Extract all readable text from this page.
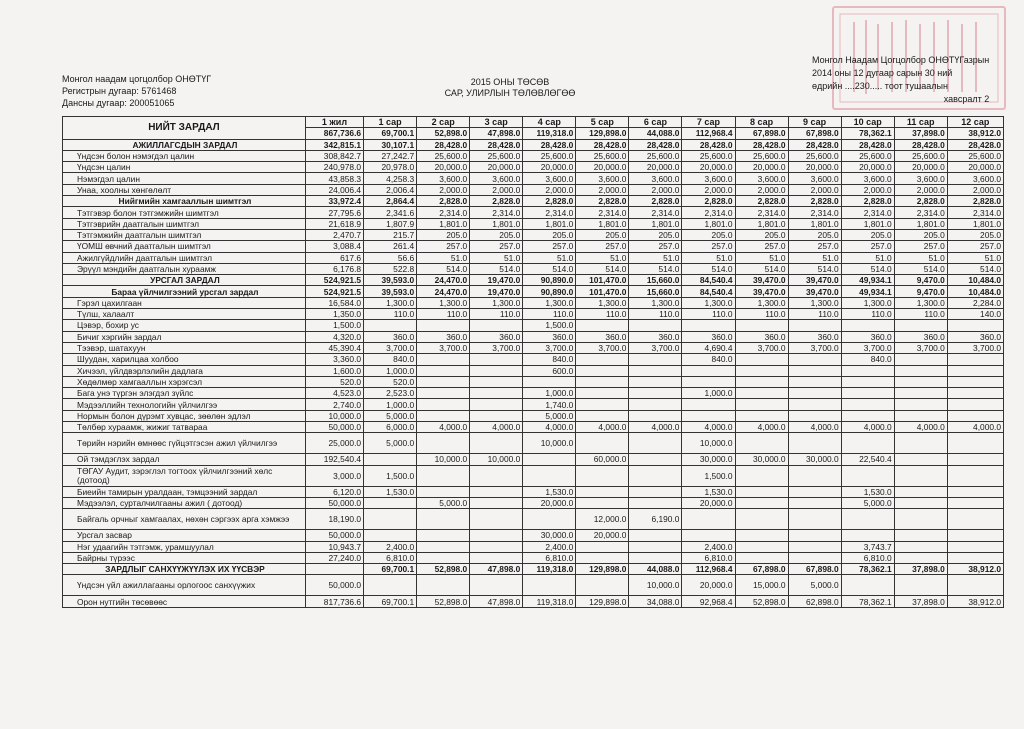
Монгол наадам цогцолбор ОНӨТҮГ
Регистрын дугаар: 5761468
Дансны дугаар: 200051065
2015 ОНЫ ТӨСӨВ
САР, УЛИРЛЫН ТӨЛӨВЛӨГӨӨ
Монгол Наадам Цогцолбор ОНӨТҮГазрын
2014 оны 12 дугаар сарын 30 ний
өдрийн ....230..... тоот тушаалын
хавсралт 2
НИЙТ ЗАРДАЛ	1 жил	1 сар	2 сар	3 сар	4 сар	5 сар	6 сар	7 сар	8 сар	9 сар	10 сар	11 сар	12 сар
	867,736.6	69,700.1	52,898.0	47,898.0	119,318.0	129,898.0	44,088.0	112,968.4	67,898.0	67,898.0	78,362.1	37,898.0	38,912.0
АЖИЛЛАГСДЫН ЗАРДАЛ	342,815.1	30,107.1	28,428.0	28,428.0	28,428.0	28,428.0	28,428.0	28,428.0	28,428.0	28,428.0	28,428.0	28,428.0	28,428.0
Үндсэн болон нэмэгдэл цалин	308,842.7	27,242.7	25,600.0	25,600.0	25,600.0	25,600.0	25,600.0	25,600.0	25,600.0	25,600.0	25,600.0	25,600.0	25,600.0
Үндсэн цалин	240,978.0	20,978.0	20,000.0	20,000.0	20,000.0	20,000.0	20,000.0	20,000.0	20,000.0	20,000.0	20,000.0	20,000.0	20,000.0
Нэмэгдэл цалин	43,858.3	4,258.3	3,600.0	3,600.0	3,600.0	3,600.0	3,600.0	3,600.0	3,600.0	3,600.0	3,600.0	3,600.0	3,600.0
Унаа, хоолны хөнгөлөлт	24,006.4	2,006.4	2,000.0	2,000.0	2,000.0	2,000.0	2,000.0	2,000.0	2,000.0	2,000.0	2,000.0	2,000.0	2,000.0
Нийгмийн хамгааллын шимтгэл	33,972.4	2,864.4	2,828.0	2,828.0	2,828.0	2,828.0	2,828.0	2,828.0	2,828.0	2,828.0	2,828.0	2,828.0	2,828.0
Тэтгэвэр болон тэтгэмжийн шимтгэл	27,795.6	2,341.6	2,314.0	2,314.0	2,314.0	2,314.0	2,314.0	2,314.0	2,314.0	2,314.0	2,314.0	2,314.0	2,314.0
Тэтгэврийн даатгалын шимтгэл	21,618.9	1,807.9	1,801.0	1,801.0	1,801.0	1,801.0	1,801.0	1,801.0	1,801.0	1,801.0	1,801.0	1,801.0	1,801.0
Тэтгэмжийн даатгалын шимтгэл	2,470.7	215.7	205.0	205.0	205.0	205.0	205.0	205.0	205.0	205.0	205.0	205.0	205.0
ҮОМШ өвчний даатгалын шимтгэл	3,088.4	261.4	257.0	257.0	257.0	257.0	257.0	257.0	257.0	257.0	257.0	257.0	257.0
Ажилгүйдлийн даатгалын шимтгэл	617.6	56.6	51.0	51.0	51.0	51.0	51.0	51.0	51.0	51.0	51.0	51.0	51.0
Эрүүл мэндийн даатгалын хураамж	6,176.8	522.8	514.0	514.0	514.0	514.0	514.0	514.0	514.0	514.0	514.0	514.0	514.0
УРСГАЛ ЗАРДАЛ	524,921.5	39,593.0	24,470.0	19,470.0	90,890.0	101,470.0	15,660.0	84,540.4	39,470.0	39,470.0	49,934.1	9,470.0	10,484.0
Бараа үйлчилгээний урсгал зардал	524,921.5	39,593.0	24,470.0	19,470.0	90,890.0	101,470.0	15,660.0	84,540.4	39,470.0	39,470.0	49,934.1	9,470.0	10,484.0
Гэрэл цахилгаан	16,584.0	1,300.0	1,300.0	1,300.0	1,300.0	1,300.0	1,300.0	1,300.0	1,300.0	1,300.0	1,300.0	1,300.0	2,284.0
Түлш, халаалт	1,350.0	110.0	110.0	110.0	110.0	110.0	110.0	110.0	110.0	110.0	110.0	110.0	140.0
Цэвэр, бохир ус	1,500.0				1,500.0								
Бичиг хэргийн зардал	4,320.0	360.0	360.0	360.0	360.0	360.0	360.0	360.0	360.0	360.0	360.0	360.0	360.0
Тээвэр, шатахуун	45,390.4	3,700.0	3,700.0	3,700.0	3,700.0	3,700.0	3,700.0	4,690.4	3,700.0	3,700.0	3,700.0	3,700.0	3,700.0
Шуудан, харилцаа холбоо	3,360.0	840.0			840.0			840.0			840.0		
Хичээл, үйлдвэрлэлийн дадлага	1,600.0	1,000.0			600.0								
Хөдөлмөр хамгааллын хэрэгсэл	520.0	520.0											
Бага унэ түргэн элэгдэл зүйлс	4,523.0	2,523.0			1,000.0			1,000.0					
Мэдээллийн технологийн үйлчилгээ	2,740.0	1,000.0			1,740.0								
Нормын болон дүрэмт хувцас, зөөлөн эдлэл	10,000.0	5,000.0			5,000.0								
Төлбөр хураамж, жижиг татвараа	50,000.0	6,000.0	4,000.0	4,000.0	4,000.0	4,000.0	4,000.0	4,000.0	4,000.0	4,000.0	4,000.0	4,000.0	4,000.0
Төрийн нэрийн өмнөөс гүйцэтгэсэн ажил үйлчилгээ	25,000.0	5,000.0			10,000.0			10,000.0					
Ой тэмдэглэх зардал	192,540.4		10,000.0	10,000.0		60,000.0		30,000.0	30,000.0	30,000.0	22,540.4		
ТӨГАУ Аудит, зэрэглэл тогтоох үйлчилгээний хөлс (дотоод)	3,000.0	1,500.0						1,500.0					
Биеийн тамирын уралдаан, тэмцээний зардал	6,120.0	1,530.0			1,530.0			1,530.0			1,530.0		
Мэдээлэл, сурталчилгааны ажил ( дотоод)	50,000.0		5,000.0		20,000.0			20,000.0			5,000.0		
Байгаль орчныг хамгаалах, нөхөн сэргээх арга хэмжээ	18,190.0					12,000.0	6,190.0						
Урсгал засвар	50,000.0				30,000.0	20,000.0							
Нэг удаагийн тэтгэмж, урамшуулал	10,943.7	2,400.0			2,400.0			2,400.0			3,743.7		
Байрны түрээс	27,240.0	6,810.0			6,810.0			6,810.0			6,810.0		
ЗАРДЛЫГ САНХҮҮЖҮҮЛЭХ ИХ ҮҮСВЭР		69,700.1	52,898.0	47,898.0	119,318.0	129,898.0	44,088.0	112,968.4	67,898.0	67,898.0	78,362.1	37,898.0	38,912.0
Үндсэн үйл ажиллагааны орлогоос санхүүжих	50,000.0						10,000.0	20,000.0	15,000.0	5,000.0			
Орон нутгийн төсөвөөс	817,736.6	69,700.1	52,898.0	47,898.0	119,318.0	129,898.0	34,088.0	92,968.4	52,898.0	62,898.0	78,362.1	37,898.0	38,912.0
